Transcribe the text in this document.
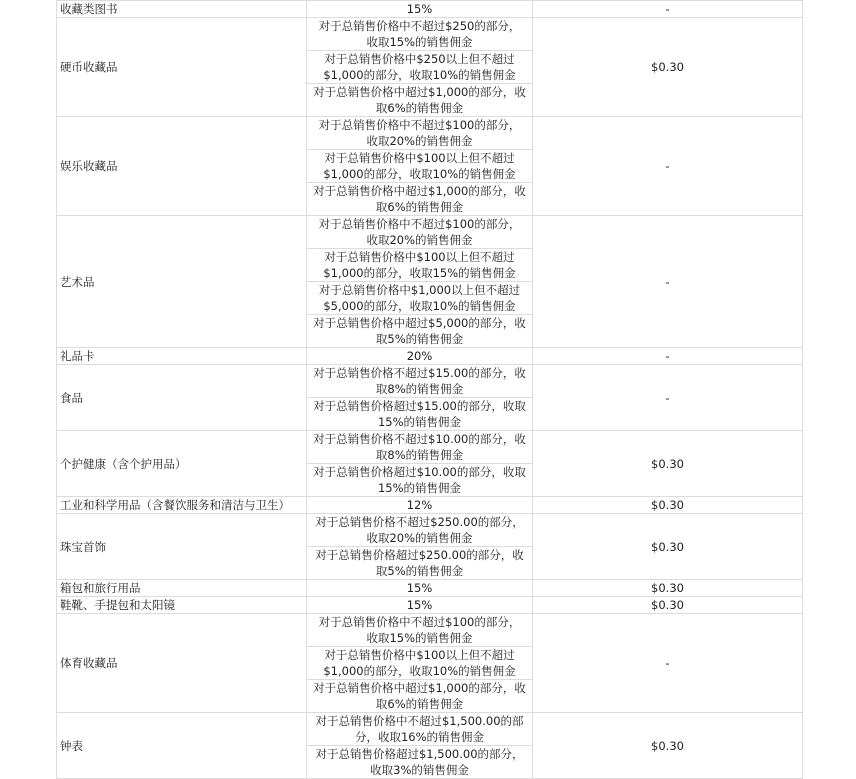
收藏类图书	15%	-
硬币收藏品	对于总销售价格中不超过$250的部分，收取15%的销售佣金
对于总销售价格中$250以上但不超过$1,000的部分，收取10%的销售佣金
对于总销售价格中超过$1,000的部分，收取6%的销售佣金	$0.30
娱乐收藏品	对于总销售价格中不超过$100的部分，收取20%的销售佣金
对于总销售价格中$100以上但不超过$1,000的部分，收取10%的销售佣金
对于总销售价格中超过$1,000的部分，收取6%的销售佣金	-
艺术品	对于总销售价格中不超过$100的部分，收取20%的销售佣金
对于总销售价格中$100以上但不超过$1,000的部分，收取15%的销售佣金
对于总销售价格中$1,000以上但不超过$5,000的部分，收取10%的销售佣金
对于总销售价格中超过$5,000的部分，收取5%的销售佣金	-
礼品卡	20%	-
食品	对于总销售价格不超过$15.00的部分，收取8%的销售佣金
对于总销售价格超过$15.00的部分，收取15%的销售佣金	-
个护健康（含个护用品）	对于总销售价格不超过$10.00的部分，收取8%的销售佣金
对于总销售价格超过$10.00的部分，收取15%的销售佣金	$0.30
工业和科学用品（含餐饮服务和清洁与卫生）	12%	$0.30
珠宝首饰	对于总销售价格不超过$250.00的部分，收取20%的销售佣金
对于总销售价格超过$250.00的部分，收取5%的销售佣金	$0.30
箱包和旅行用品	15%	$0.30
鞋靴、手提包和太阳镜	15%	$0.30
体育收藏品	对于总销售价格中不超过$100的部分，收取15%的销售佣金
对于总销售价格中$100以上但不超过$1,000的部分，收取10%的销售佣金
对于总销售价格中超过$1,000的部分，收取6%的销售佣金	-
钟表	对于总销售价格中不超过$1,500.00的部分，收取16%的销售佣金
对于总销售价格超过$1,500.00的部分，收取3%的销售佣金	$0.30
